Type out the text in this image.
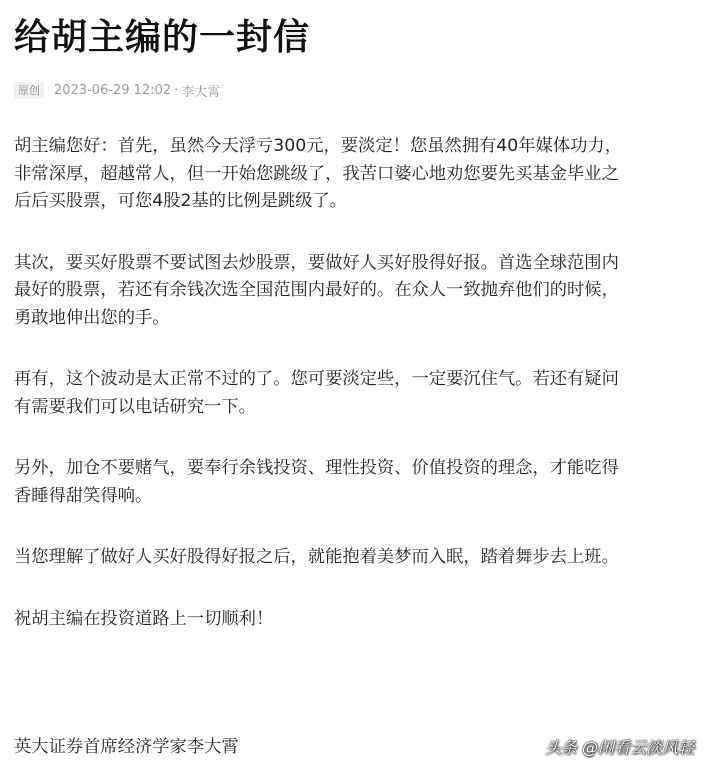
给胡主编的一封信
原创	2023-06-29 12:02 · 李大霄

胡主编您好：首先，虽然今天浮亏300元，要淡定！您虽然拥有40年媒体功力，
非常深厚，超越常人，但一开始您跳级了，我苦口婆心地劝您要先买基金毕业之
后后买股票，可您4股2基的比例是跳级了。

其次，要买好股票不要试图去炒股票，要做好人买好股得好报。首选全球范围内
最好的股票，若还有余钱次选全国范围内最好的。在众人一致抛弃他们的时候，
勇敢地伸出您的手。

再有，这个波动是太正常不过的了。您可要淡定些，一定要沉住气。若还有疑问
有需要我们可以电话研究一下。

另外，加仓不要赌气，要奉行余钱投资、理性投资、价值投资的理念，才能吃得
香睡得甜笑得响。

当您理解了做好人买好股得好报之后，就能抱着美梦而入眠，踏着舞步去上班。

祝胡主编在投资道路上一切顺利！

英大证券首席经济学家李大霄	头条 @闲看云淡风轻
